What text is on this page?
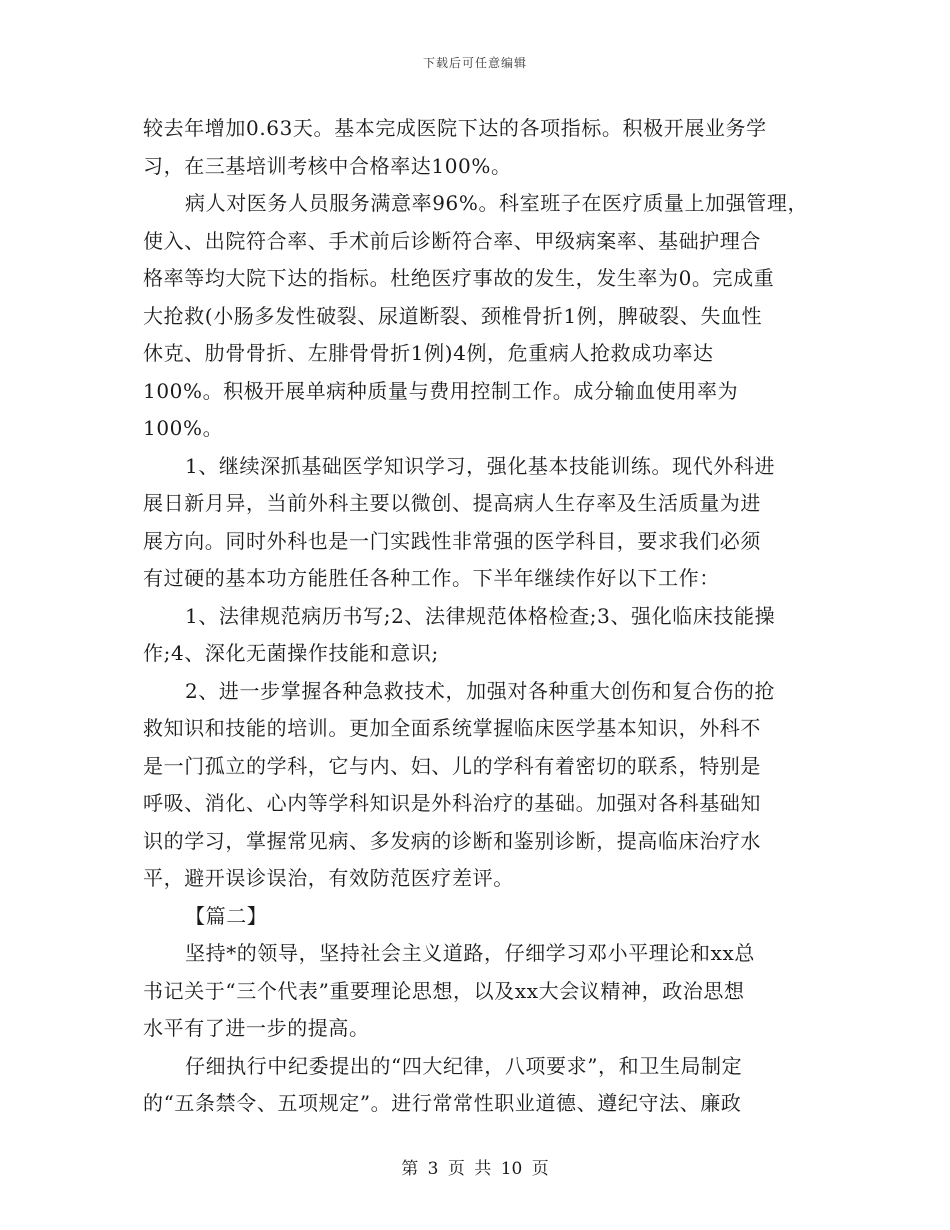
下载后可任意编辑
较去年增加0.63天。基本完成医院下达的各项指标。积极开展业务学
习，在三基培训考核中合格率达100%。
病人对医务人员服务满意率96%。科室班子在医疗质量上加强管理，
使入、出院符合率、手术前后诊断符合率、甲级病案率、基础护理合
格率等均大院下达的指标。杜绝医疗事故的发生，发生率为0。完成重
大抢救(小肠多发性破裂、尿道断裂、颈椎骨折1例，脾破裂、失血性
休克、肋骨骨折、左腓骨骨折1例)4例，危重病人抢救成功率达
100%。积极开展单病种质量与费用控制工作。成分输血使用率为
100%。
1、继续深抓基础医学知识学习，强化基本技能训练。现代外科进
展日新月异，当前外科主要以微创、提高病人生存率及生活质量为进
展方向。同时外科也是一门实践性非常强的医学科目，要求我们必须
有过硬的基本功方能胜任各种工作。下半年继续作好以下工作：
1、法律规范病历书写;2、法律规范体格检查;3、强化临床技能操
作;4、深化无菌操作技能和意识;
2、进一步掌握各种急救技术，加强对各种重大创伤和复合伤的抢
救知识和技能的培训。更加全面系统掌握临床医学基本知识，外科不
是一门孤立的学科，它与内、妇、儿的学科有着密切的联系，特别是
呼吸、消化、心内等学科知识是外科治疗的基础。加强对各科基础知
识的学习，掌握常见病、多发病的诊断和鉴别诊断，提高临床治疗水
平，避开误诊误治，有效防范医疗差评。
【篇二】
坚持*的领导，坚持社会主义道路，仔细学习邓小平理论和xx总
书记关于“三个代表”重要理论思想，以及xx大会议精神，政治思想
水平有了进一步的提高。
仔细执行中纪委提出的“四大纪律，八项要求”，和卫生局制定
的“五条禁令、五项规定”。进行常常性职业道德、遵纪守法、廉政
第 3 页 共 10 页
